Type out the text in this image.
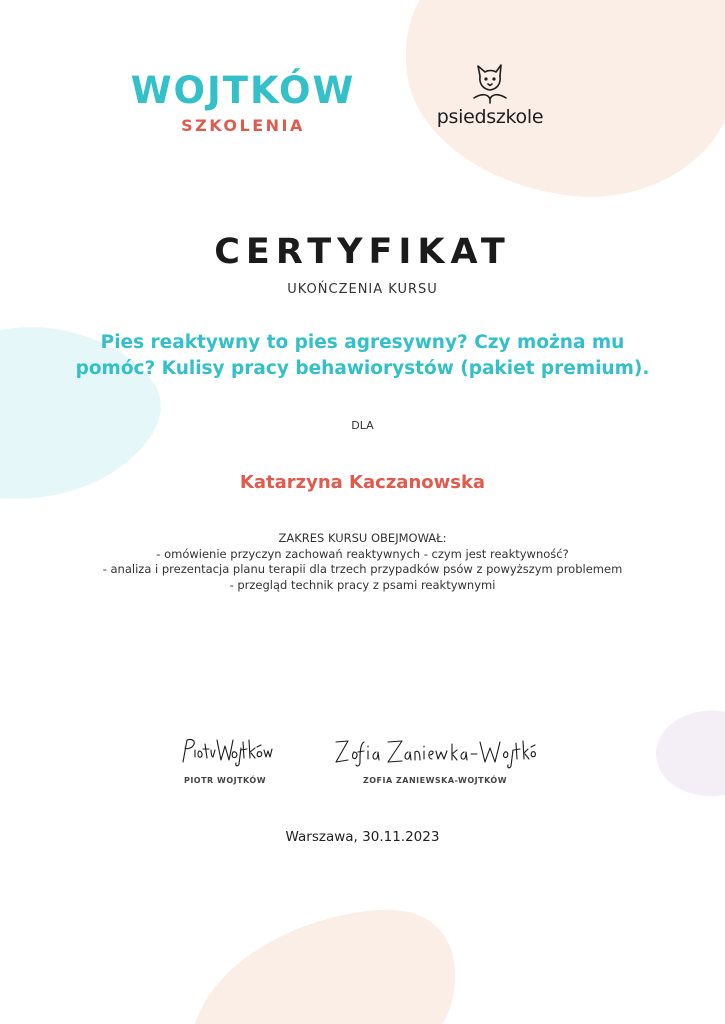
WOJTKÓW
SZKOLENIA	psiedszkole
CERTYFIKAT
UKOŃCZENIA KURSU
Pies reaktywny to pies agresywny? Czy można mu
pomóc? Kulisy pracy behawiorystów (pakiet premium).
DLA
Katarzyna Kaczanowska
ZAKRES KURSU OBEJMOWAŁ:
- omówienie przyczyn zachowań reaktywnych - czym jest reaktywność?
- analiza i prezentacja planu terapii dla trzech przypadków psów z powyższym problemem
- przegląd technik pracy z psami reaktywnymi
PIOTR WOJTKÓW	ZOFIA ZANIEWSKA-WOJTKÓW
Warszawa, 30.11.2023
